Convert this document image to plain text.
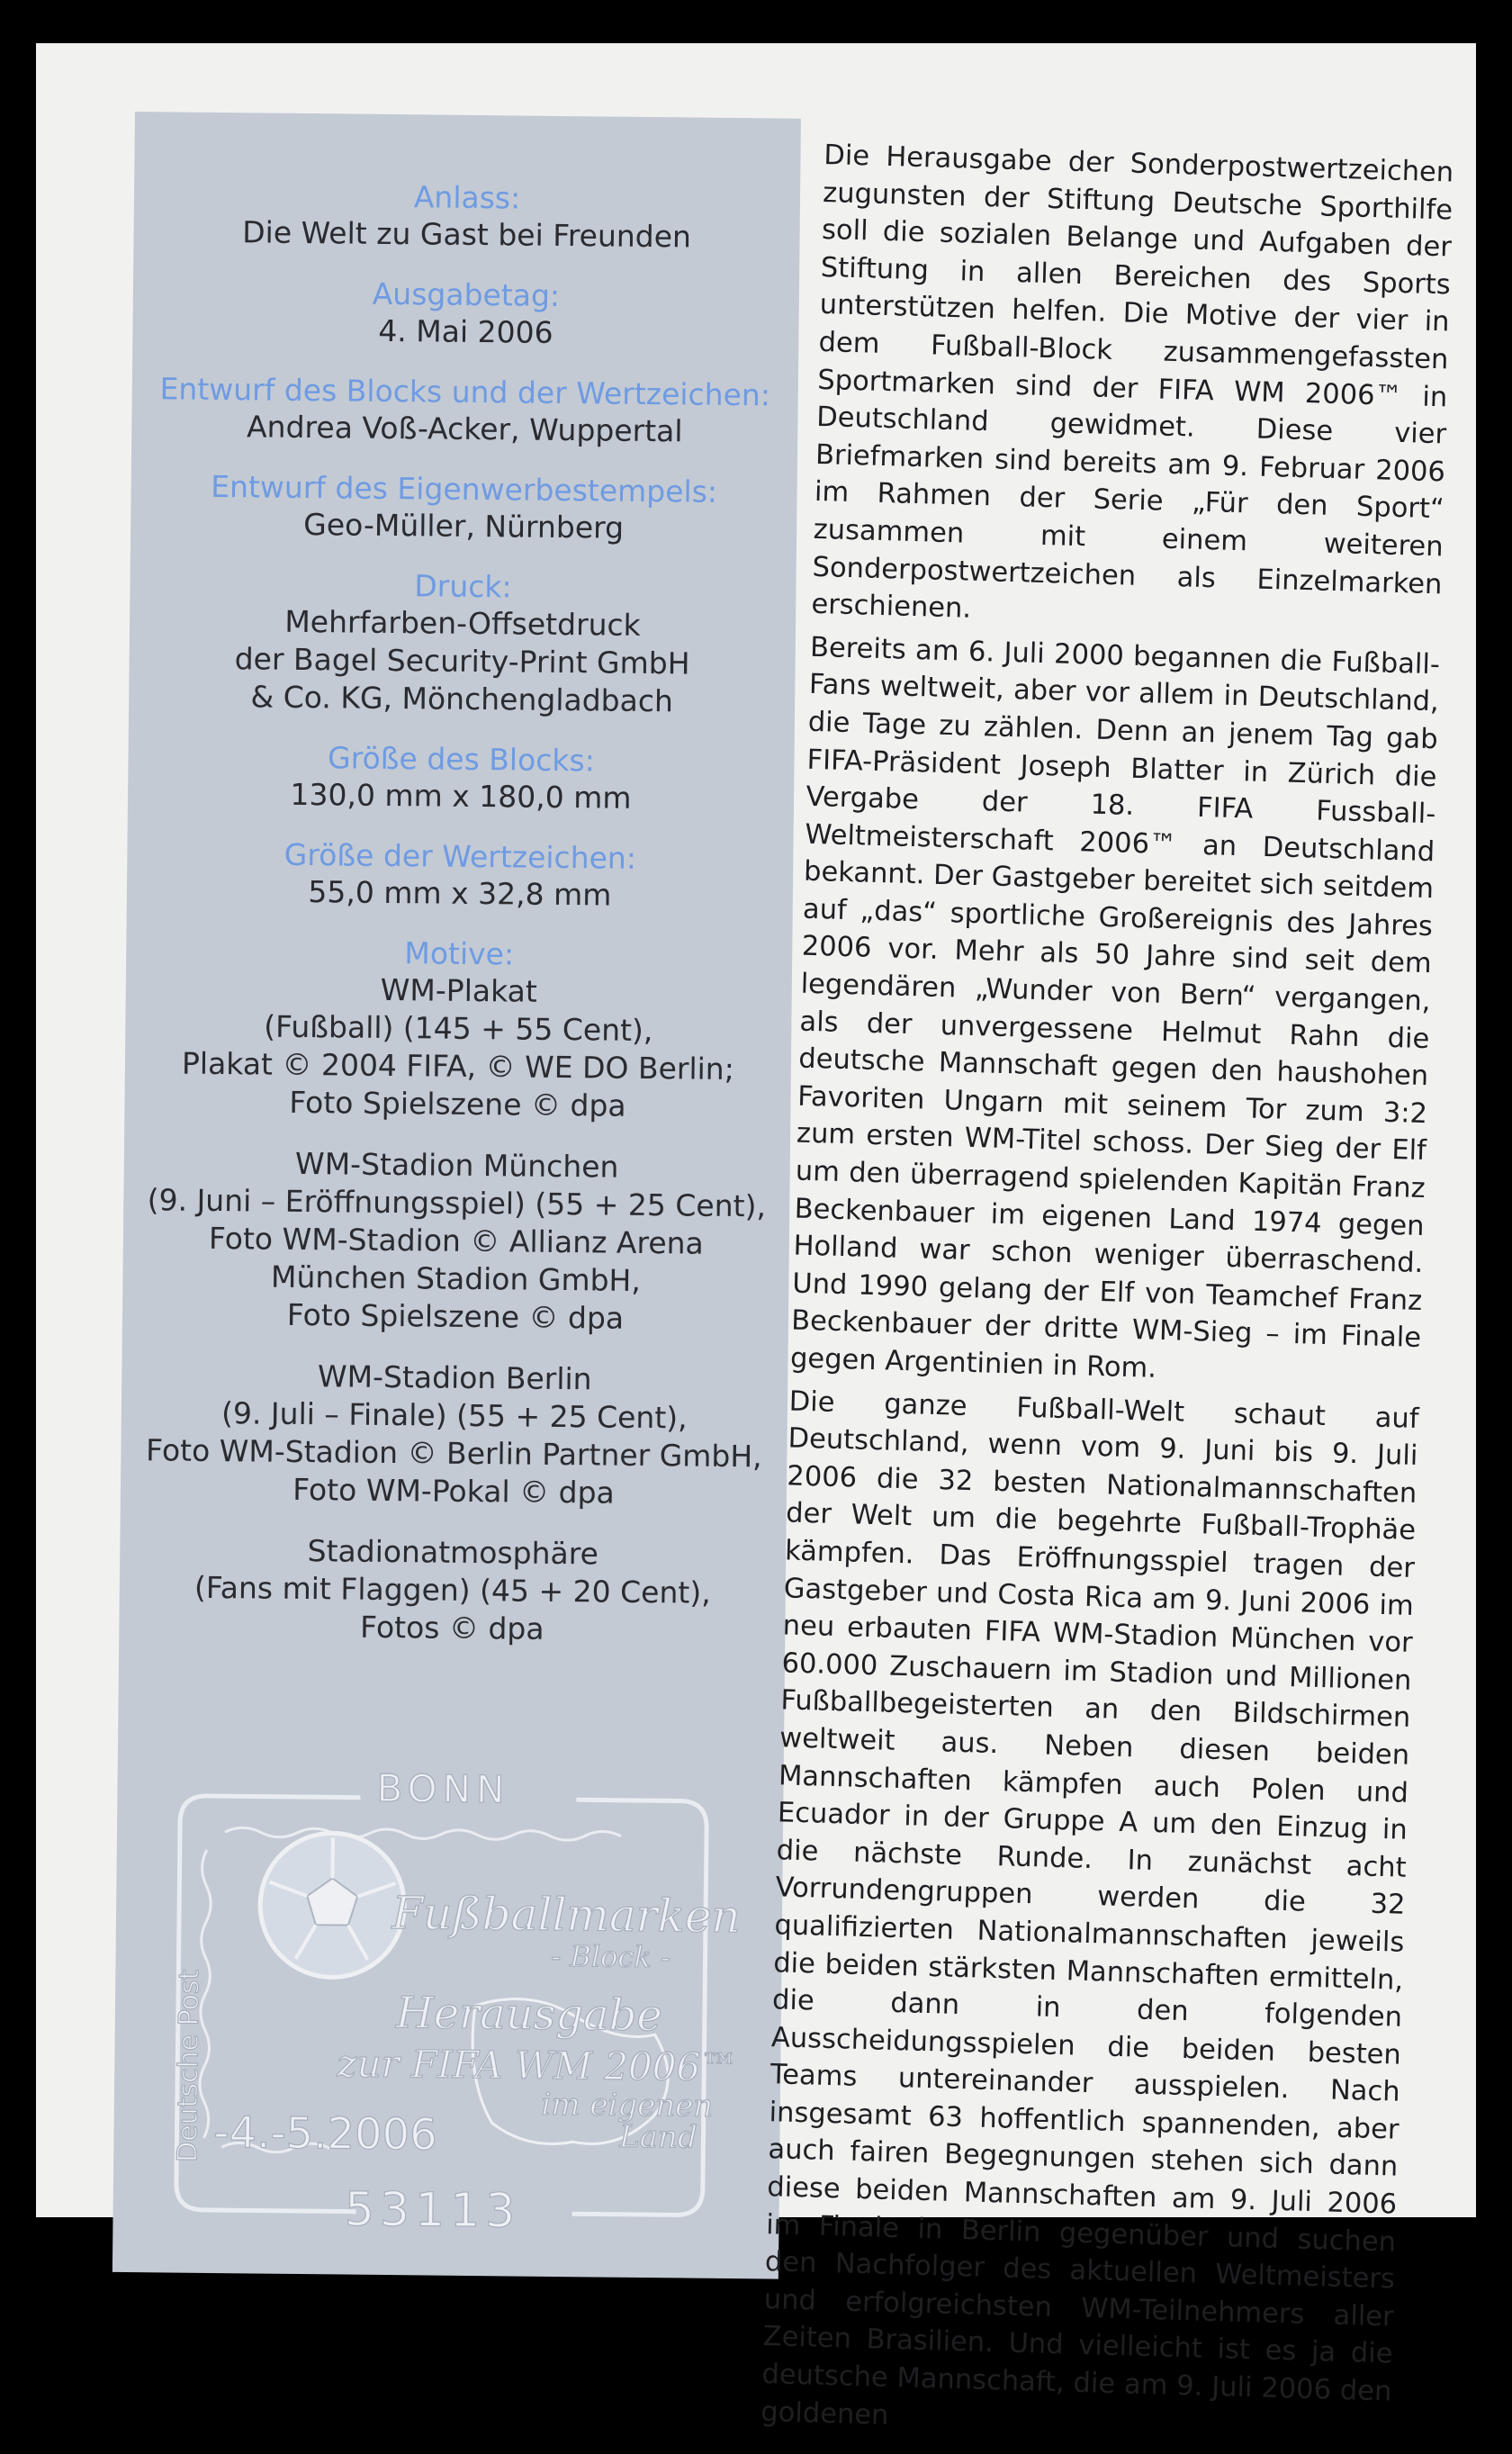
Anlass:
Die Welt zu Gast bei Freunden
Ausgabetag:
4. Mai 2006
Entwurf des Blocks und der Wertzeichen:
Andrea Voß-Acker, Wuppertal
Entwurf des Eigenwerbestempels:
Geo-Müller, Nürnberg
Druck:
Mehrfarben-Offsetdruck
der Bagel Security-Print GmbH
& Co. KG, Mönchengladbach
Größe des Blocks:
130,0 mm x 180,0 mm
Größe der Wertzeichen:
55,0 mm x 32,8 mm
Motive:
WM-Plakat
(Fußball) (145 + 55 Cent),
Plakat © 2004 FIFA, © WE DO Berlin;
Foto Spielszene © dpa
WM-Stadion München
(9. Juni – Eröffnungsspiel) (55 + 25 Cent),
Foto WM-Stadion © Allianz Arena
München Stadion GmbH,
Foto Spielszene © dpa
WM-Stadion Berlin
(9. Juli – Finale) (55 + 25 Cent),
Foto WM-Stadion © Berlin Partner GmbH,
Foto WM-Pokal © dpa
Stadionatmosphäre
(Fans mit Flaggen) (45 + 20 Cent),
Fotos © dpa
BONN
Fußballmarken
- Block -
Herausgabe
zur FIFA WM 2006™
im eigenen
Land
-4.-5.2006
53113
Deutsche Post

Die Herausgabe der Sonderpostwertzeichen zugunsten der Stiftung Deutsche Sporthilfe soll die sozialen Belange und Aufgaben der Stiftung in allen Bereichen des Sports unterstützen helfen. Die Motive der vier in dem Fußball-Block zusammengefassten Sportmarken sind der FIFA WM 2006™ in Deutschland gewidmet. Diese vier Briefmarken sind bereits am 9. Februar 2006 im Rahmen der Serie „Für den Sport“ zusammen mit einem weiteren Sonderpostwertzeichen als Einzelmarken erschienen.

Bereits am 6. Juli 2000 begannen die Fußball-Fans weltweit, aber vor allem in Deutschland, die Tage zu zählen. Denn an jenem Tag gab FIFA-Präsident Joseph Blatter in Zürich die Vergabe der 18. FIFA Fussball-Weltmeisterschaft 2006™ an Deutschland bekannt. Der Gastgeber bereitet sich seitdem auf „das“ sportliche Großereignis des Jahres 2006 vor. Mehr als 50 Jahre sind seit dem legendären „Wunder von Bern“ vergangen, als der unvergessene Helmut Rahn die deutsche Mannschaft gegen den haushohen Favoriten Ungarn mit seinem Tor zum 3:2 zum ersten WM-Titel schoss. Der Sieg der Elf um den überragend spielenden Kapitän Franz Beckenbauer im eigenen Land 1974 gegen Holland war schon weniger überraschend. Und 1990 gelang der Elf von Teamchef Franz Beckenbauer der dritte WM-Sieg – im Finale gegen Argentinien in Rom.

Die ganze Fußball-Welt schaut auf Deutschland, wenn vom 9. Juni bis 9. Juli 2006 die 32 besten Nationalmannschaften der Welt um die begehrte Fußball-Trophäe kämpfen. Das Eröffnungsspiel tragen der Gastgeber und Costa Rica am 9. Juni 2006 im neu erbauten FIFA WM-Stadion München vor 60.000 Zuschauern im Stadion und Millionen Fußballbegeisterten an den Bildschirmen weltweit aus. Neben diesen beiden Mannschaften kämpfen auch Polen und Ecuador in der Gruppe A um den Einzug in die nächste Runde. In zunächst acht Vorrundengruppen werden die 32 qualifizierten Nationalmannschaften jeweils die beiden stärksten Mannschaften ermitteln, die dann in den folgenden Ausscheidungsspielen die beiden besten Teams untereinander ausspielen. Nach insgesamt 63 hoffentlich spannenden, aber auch fairen Begegnungen stehen sich dann diese beiden Mannschaften am 9. Juli 2006 im Finale in Berlin gegenüber und suchen den Nachfolger des aktuellen Weltmeisters und erfolgreichsten WM-Teilnehmers aller Zeiten Brasilien. Und vielleicht ist es ja die deutsche Mannschaft, die am 9. Juli 2006 den goldenen
